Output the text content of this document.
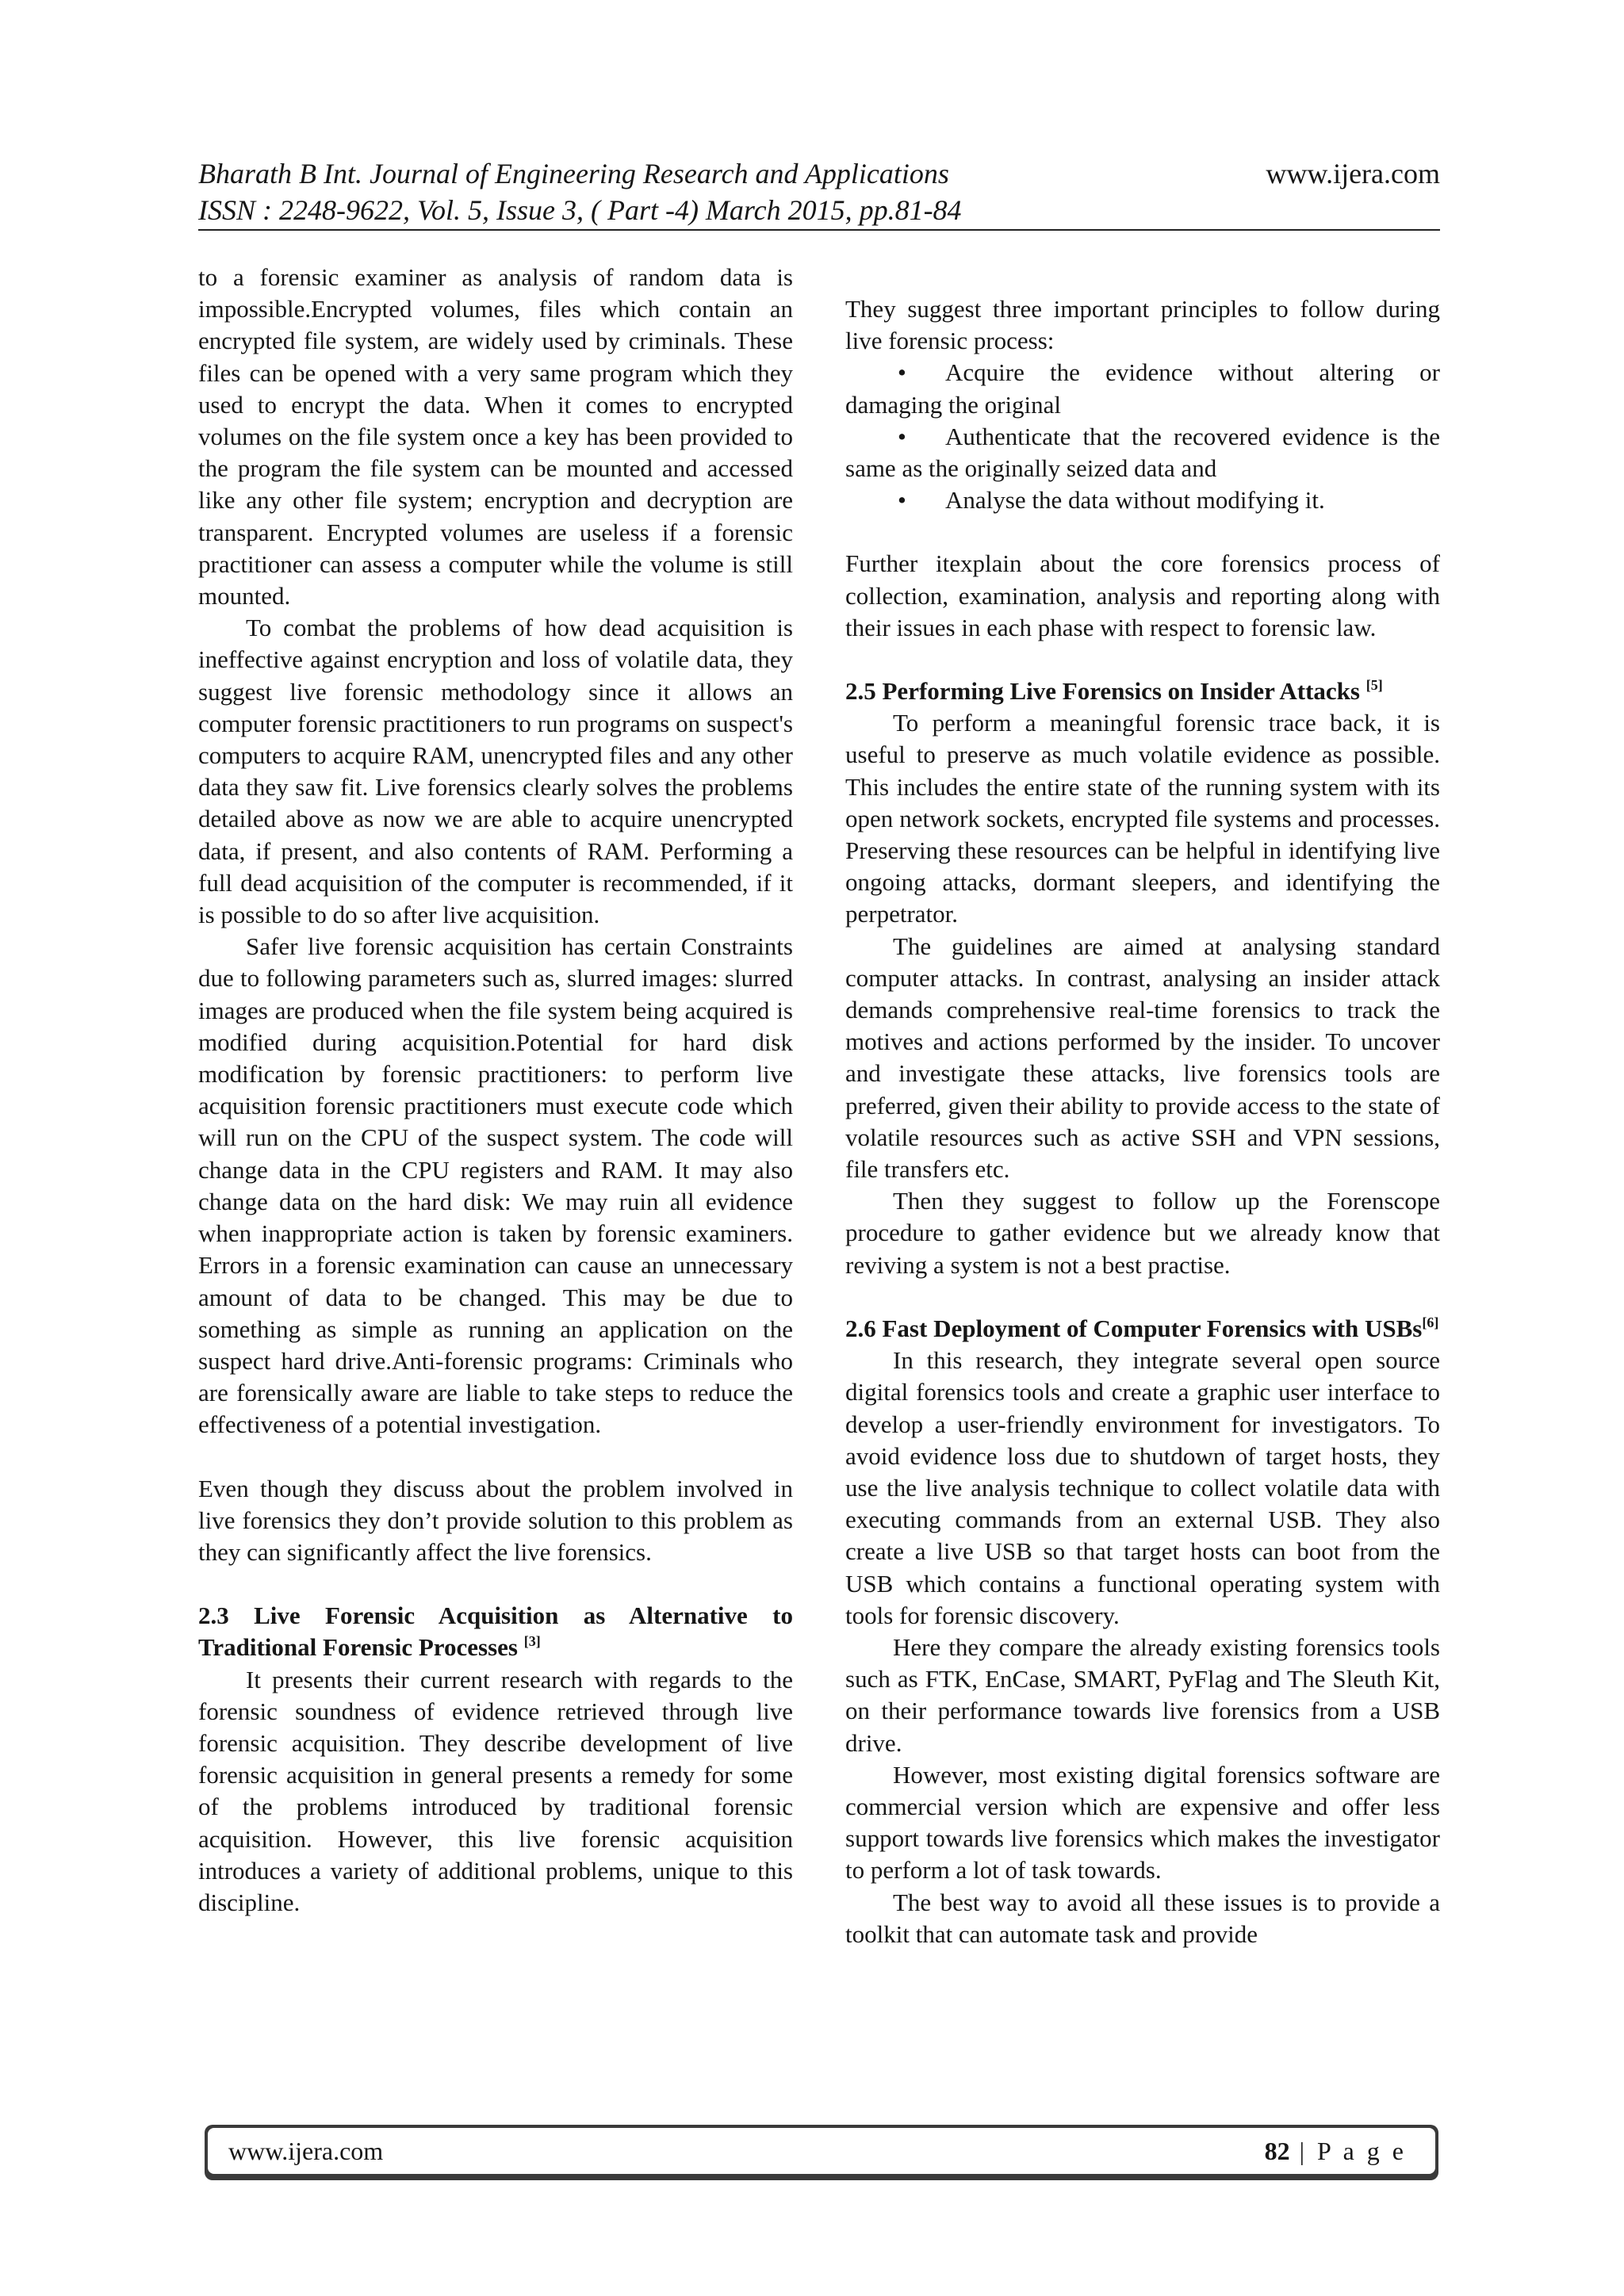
Bharath B Int. Journal of Engineering Research and Applications	www.ijera.com
ISSN : 2248-9622, Vol. 5, Issue 3, ( Part -4) March 2015, pp.81-84

to a forensic examiner as analysis of random data is impossible.Encrypted volumes, files which contain an encrypted file system, are widely used by criminals. These files can be opened with a very same program which they used to encrypt the data. When it comes to encrypted volumes on the file system once a key has been provided to the program the file system can be mounted and accessed like any other file system; encryption and decryption are transparent. Encrypted volumes are useless if a forensic practitioner can assess a computer while the volume is still mounted.

To combat the problems of how dead acquisition is ineffective against encryption and loss of volatile data, they suggest live forensic methodology since it allows an computer forensic practitioners to run programs on suspect's computers to acquire RAM, unencrypted files and any other data they saw fit. Live forensics clearly solves the problems detailed above as now we are able to acquire unencrypted data, if present, and also contents of RAM. Performing a full dead acquisition of the computer is recommended, if it is possible to do so after live acquisition.

Safer live forensic acquisition has certain Constraints due to following parameters such as, slurred images: slurred images are produced when the file system being acquired is modified during acquisition.Potential for hard disk modification by forensic practitioners: to perform live acquisition forensic practitioners must execute code which will run on the CPU of the suspect system. The code will change data in the CPU registers and RAM. It may also change data on the hard disk: We may ruin all evidence when inappropriate action is taken by forensic examiners. Errors in a forensic examination can cause an unnecessary amount of data to be changed. This may be due to something as simple as running an application on the suspect hard drive.Anti-forensic programs: Criminals who are forensically aware are liable to take steps to reduce the effectiveness of a potential investigation.

Even though they discuss about the problem involved in live forensics they don’t provide solution to this problem as they can significantly affect the live forensics.

2.3 Live Forensic Acquisition as Alternative to Traditional Forensic Processes [3]

It presents their current research with regards to the forensic soundness of evidence retrieved through live forensic acquisition. They describe development of live forensic acquisition in general presents a remedy for some of the problems introduced by traditional forensic acquisition. However, this live forensic acquisition introduces a variety of additional problems, unique to this discipline.

They suggest three important principles to follow during live forensic process:

• Acquire the evidence without altering or damaging the original
• Authenticate that the recovered evidence is the same as the originally seized data and
• Analyse the data without modifying it.

Further itexplain about the core forensics process of collection, examination, analysis and reporting along with their issues in each phase with respect to forensic law.

2.5 Performing Live Forensics on Insider Attacks [5]

To perform a meaningful forensic trace back, it is useful to preserve as much volatile evidence as possible. This includes the entire state of the running system with its open network sockets, encrypted file systems and processes. Preserving these resources can be helpful in identifying live ongoing attacks, dormant sleepers, and identifying the perpetrator.

The guidelines are aimed at analysing standard computer attacks. In contrast, analysing an insider attack demands comprehensive real-time forensics to track the motives and actions performed by the insider. To uncover and investigate these attacks, live forensics tools are preferred, given their ability to provide access to the state of volatile resources such as active SSH and VPN sessions, file transfers etc.

Then they suggest to follow up the Forenscope procedure to gather evidence but we already know that reviving a system is not a best practise.

2.6 Fast Deployment of Computer Forensics with USBs[6]

In this research, they integrate several open source digital forensics tools and create a graphic user interface to develop a user-friendly environment for investigators. To avoid evidence loss due to shutdown of target hosts, they use the live analysis technique to collect volatile data with executing commands from an external USB. They also create a live USB so that target hosts can boot from the USB which contains a functional operating system with tools for forensic discovery.

Here they compare the already existing forensics tools such as FTK, EnCase, SMART, PyFlag and The Sleuth Kit, on their performance towards live forensics from a USB drive.

However, most existing digital forensics software are commercial version which are expensive and offer less support towards live forensics which makes the investigator to perform a lot of task towards.

The best way to avoid all these issues is to provide a toolkit that can automate task and provide

www.ijera.com	82 | P a g e
